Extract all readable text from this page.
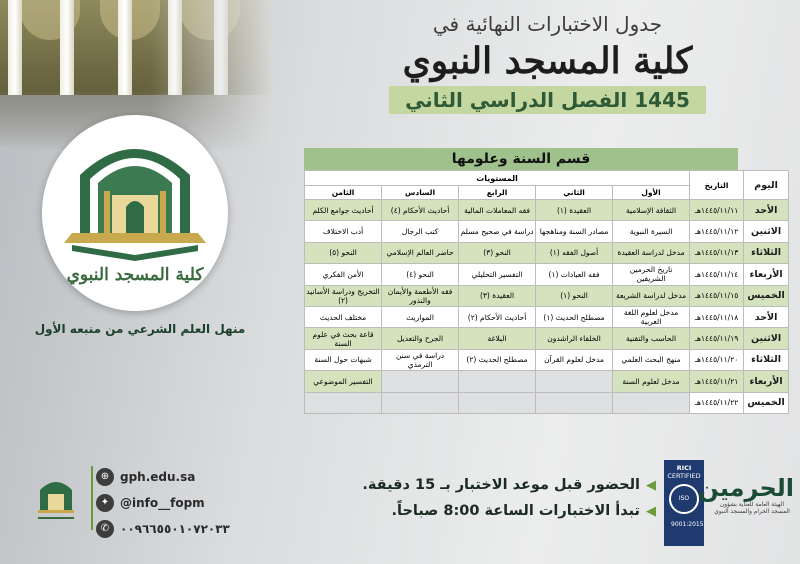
كلية المسجد النبوي
منهل العلم الشرعي من منبعه الأول
جدول الاختبارات النهائية في
كلية المسجد النبوي
1445 الفصل الدراسي الثاني
قسم السنة وعلومها
اليوم	التاريخ	المستويات				
		الأول	الثاني	الرابع	السادس	الثامن
الأحد	١٤٤٥/١١/١١هـ	الثقافة الإسلامية	العقيدة (١)	فقه المعاملات المالية	أحاديث الأحكام (٤)	أحاديث جوامع الكلم
الاثنين	١٤٤٥/١١/١٢هـ	السيرة النبوية	مصادر السنة ومناهجها	دراسة في صحيح مسلم	كتب الرجال	أدب الاختلاف
الثلاثاء	١٤٤٥/١١/١٣هـ	مدخل لدراسة العقيدة	أصول الفقه (١)	النحو (٣)	حاضر العالم الإسلامي	النحو (٥)
الأربعاء	١٤٤٥/١١/١٤هـ	تاريخ الحرمين الشريفين	فقه العبادات (١)	التفسير التحليلي	النحو (٤)	الأمن الفكري
الخميس	١٤٤٥/١١/١٥هـ	مدخل لدراسة الشريعة	النحو (١)	العقيدة (٣)	فقه الأطعمة والأيمان والنذور	التخريج ودراسة الأسانيد (٢)
الأحد	١٤٤٥/١١/١٨هـ	مدخل لعلوم اللغة العربية	مصطلح الحديث (١)	أحاديث الأحكام (٢)	المواريث	مختلف الحديث
الاثنين	١٤٤٥/١١/١٩هـ	الحاسب والتقنية	الخلفاء الراشدون	البلاغة	الجرح والتعديل	قاعة بحث في علوم السنة
الثلاثاء	١٤٤٥/١١/٢٠هـ	منهج البحث العلمي	مدخل لعلوم القرآن	مصطلح الحديث (٢)	دراسة في سنن الترمذي	شبهات حول السنة
الأربعاء	١٤٤٥/١١/٢١هـ	مدخل لعلوم السنة				التفسير الموضوعي
الخميس	١٤٤٥/١١/٢٢هـ					
◀الحضور قبل موعد الاختبار بـ 15 دقيقة.
◀تبدأ الاختبارات الساعة 8:00 صباحاً.
RICI
CERTIFIED
ISO 9001:2015
الحرمين
الهيئة العامة للعناية بشؤون
المسجد الحرام والمسجد النبوي
⊕ gph.edu.sa
✦ @info__fopm
✆ ٠٠٩٦٦٥٥٠١٠٧٢٠٣٣
